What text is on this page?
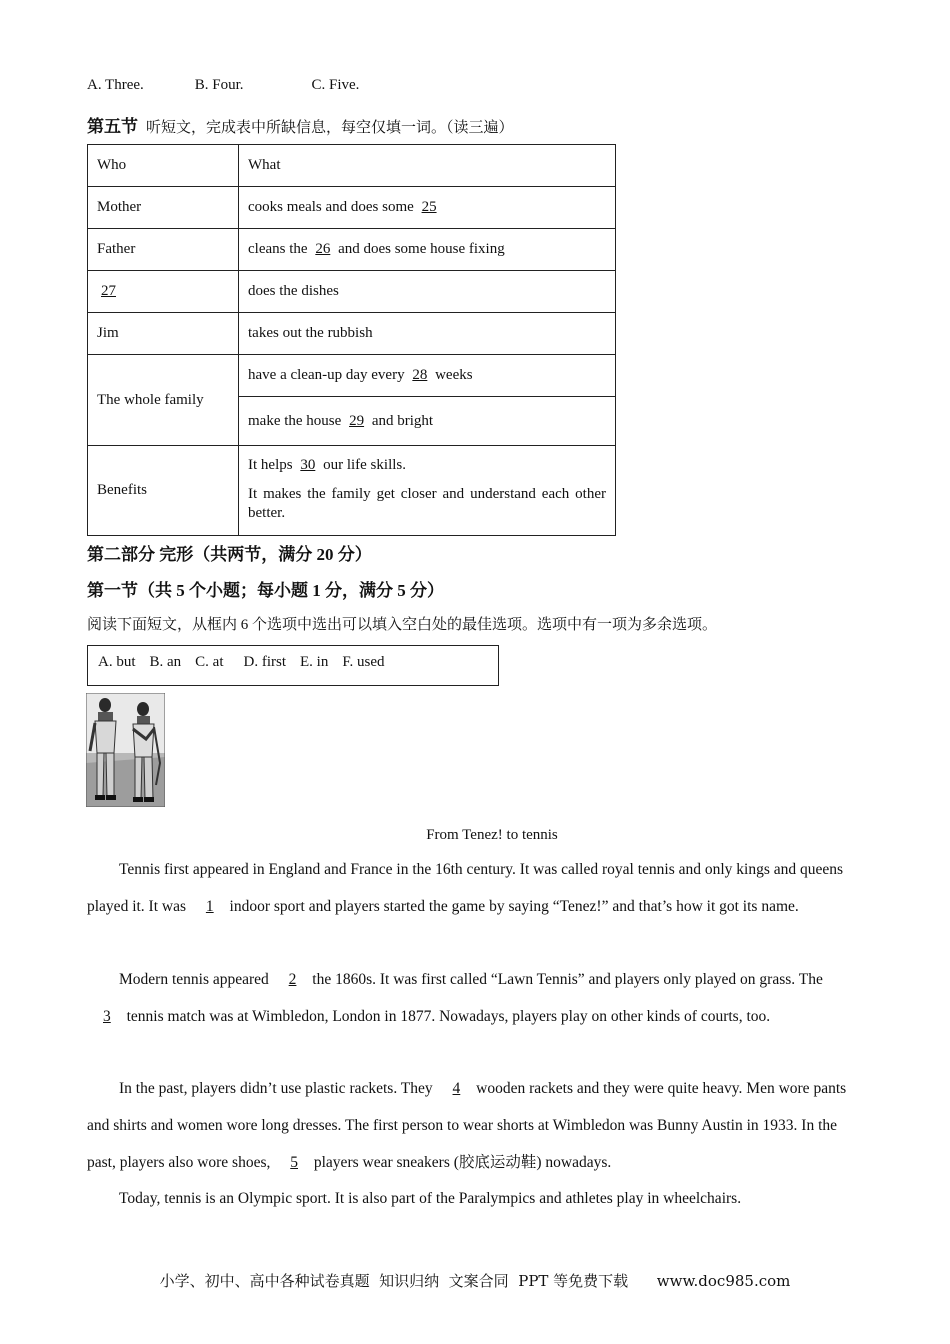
A. Three.	B. Four.	C. Five.
第五节 听短文，完成表中所缺信息，每空仅填一词。（读三遍）
Who	What
Mother	cooks meals and does some 25
Father	cleans the 26 and does some house fixing
27	does the dishes
Jim	takes out the rubbish
The whole family	have a clean-up day every 28 weeks
	make the house 29 and bright
Benefits	It helps 30 our life skills.
It makes the family get closer and understand each other better.
第二部分 完形（共两节，满分 20 分）
第一节（共 5 个小题；每小题 1 分，满分 5 分）
阅读下面短文，从框内 6 个选项中选出可以填入空白处的最佳选项。选项中有一项为多余选项。
A. but B. an C. at D. first E. in F. used
From Tenez! to tennis
Tennis first appeared in England and France in the 16th century. It was called royal tennis and only kings and queens played it. It was 1 indoor sport and players started the game by saying “Tenez!” and that’s how it got its name.
Modern tennis appeared 2 the 1860s. It was first called “Lawn Tennis” and players only played on grass. The 3 tennis match was at Wimbledon, London in 1877. Nowadays, players play on other kinds of courts, too.
In the past, players didn’t use plastic rackets. They 4 wooden rackets and they were quite heavy. Men wore pants and shirts and women wore long dresses. The first person to wear shorts at Wimbledon was Bunny Austin in 1933. In the past, players also wore shoes, 5 players wear sneakers (胶底运动鞋) nowadays.
Today, tennis is an Olympic sport. It is also part of the Paralympics and athletes play in wheelchairs.
小学、初中、高中各种试卷真题  知识归纳  文案合同  PPT 等免费下载      www.doc985.com
